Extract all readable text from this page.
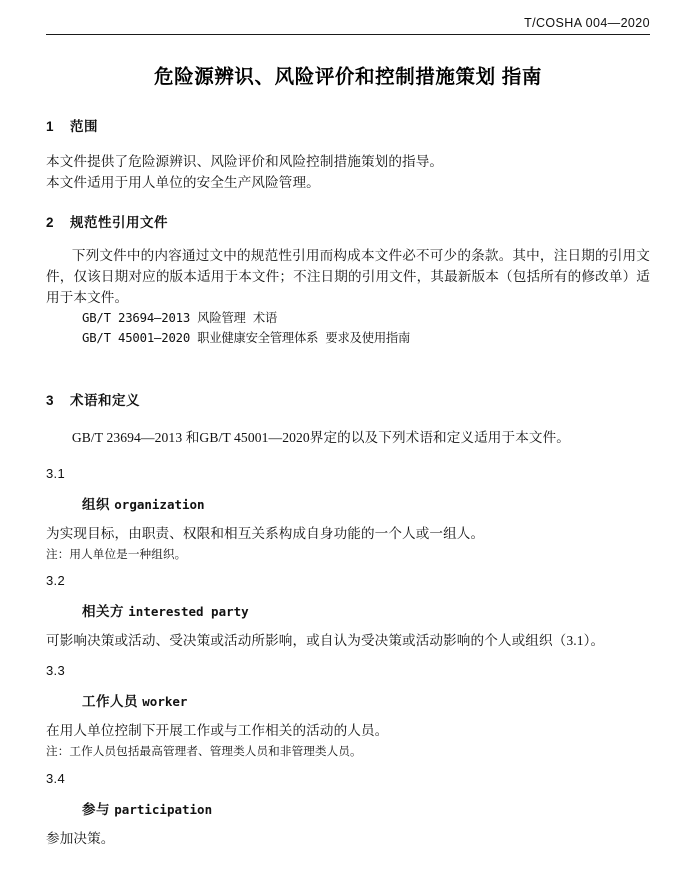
T/COSHA 004—2020
危险源辨识、风险评价和控制措施策划 指南

1 范围

本文件提供了危险源辨识、风险评价和风险控制措施策划的指导。

本文件适用于用人单位的安全生产风险管理。

2 规范性引用文件

下列文件中的内容通过文中的规范性引用而构成本文件必不可少的条款。其中，注日期的引用文件，仅该日期对应的版本适用于本文件；不注日期的引用文件，其最新版本（包括所有的修改单）适用于本文件。

GB/T 23694—2013 风险管理 术语

GB/T 45001—2020 职业健康安全管理体系 要求及使用指南

3 术语和定义

GB/T 23694—2013 和GB/T 45001—2020界定的以及下列术语和定义适用于本文件。

3.1

组织 organization

为实现目标，由职责、权限和相互关系构成自身功能的一个人或一组人。

注：用人单位是一种组织。

3.2

相关方 interested party

可影响决策或活动、受决策或活动所影响，或自认为受决策或活动影响的个人或组织（3.1）。

3.3

工作人员 worker

在用人单位控制下开展工作或与工作相关的活动的人员。

注：工作人员包括最高管理者、管理类人员和非管理类人员。

3.4

参与 participation

参加决策。
